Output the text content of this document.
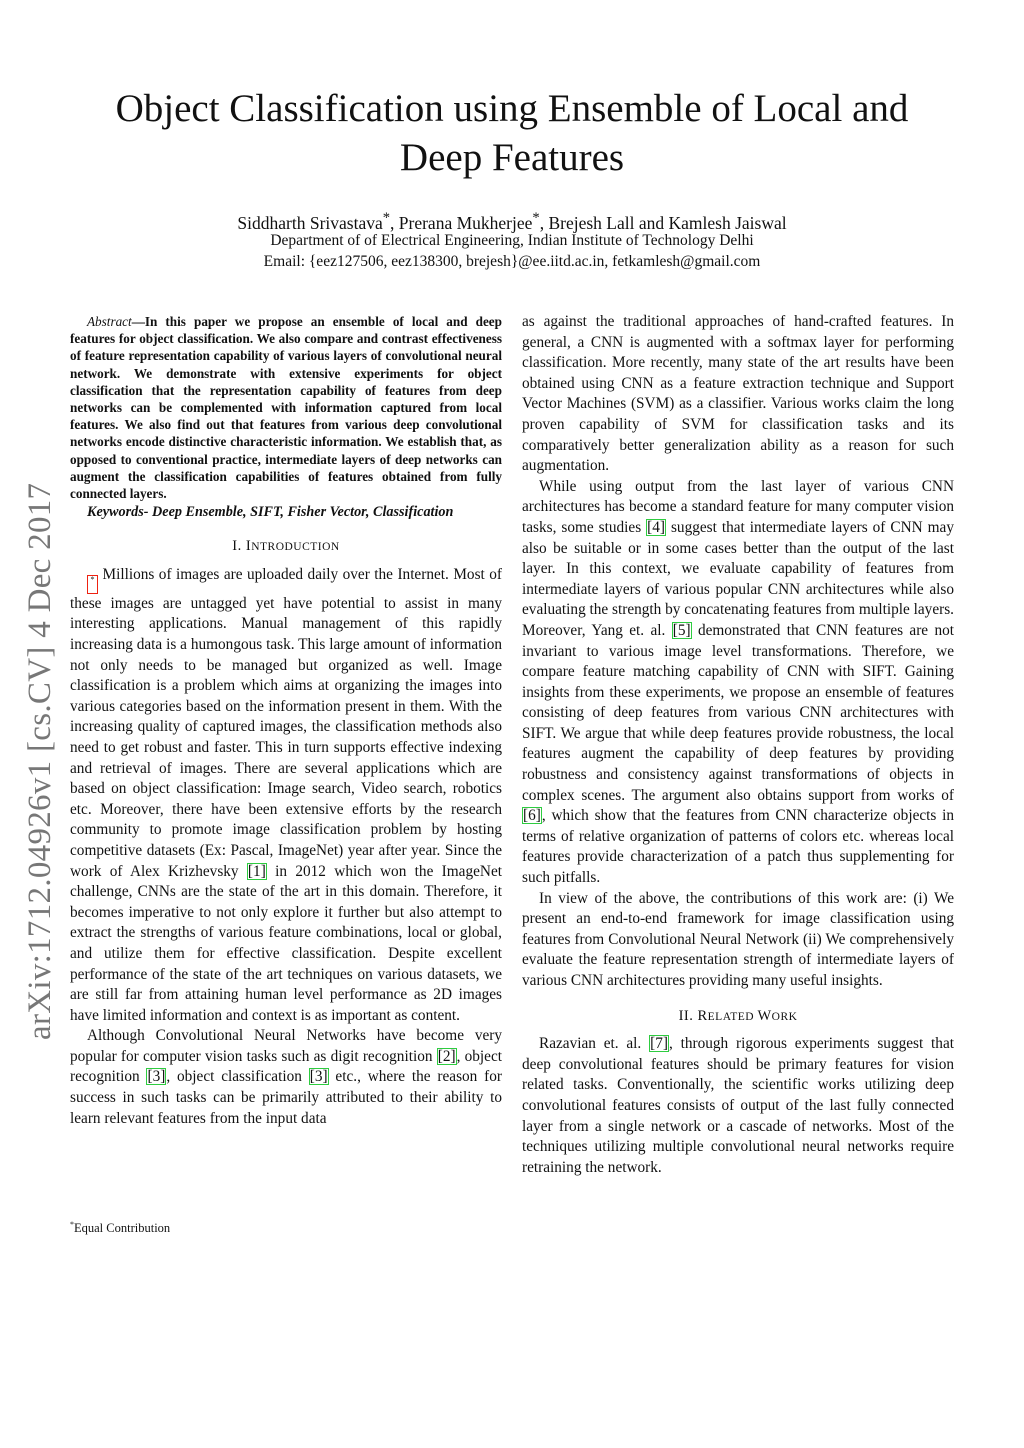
Object Classification using Ensemble of Local and
Deep Features
Siddharth Srivastava*, Prerana Mukherjee*, Brejesh Lall and Kamlesh Jaiswal
Department of of Electrical Engineering, Indian Institute of Technology Delhi
Email: {eez127506, eez138300, brejesh}@ee.iitd.ac.in, fetkamlesh@gmail.com
arXiv:1712.04926v1 [cs.CV] 4 Dec 2017

Abstract—In this paper we propose an ensemble of local and deep features for object classification. We also compare and contrast effectiveness of feature representation capability of various layers of convolutional neural network. We demonstrate with extensive experiments for object classification that the representation capability of features from deep networks can be complemented with information captured from local features. We also find out that features from various deep convolutional networks encode distinctive characteristic information. We establish that, as opposed to conventional practice, intermediate layers of deep networks can augment the classification capabilities of features obtained from fully connected layers.

Keywords- Deep Ensemble, SIFT, Fisher Vector, Classification

I. INTRODUCTION

* Millions of images are uploaded daily over the Internet. Most of these images are untagged yet have potential to assist in many interesting applications. Manual management of this rapidly increasing data is a humongous task. This large amount of information not only needs to be managed but organized as well. Image classification is a problem which aims at organizing the images into various categories based on the information present in them. With the increasing quality of captured images, the classification methods also need to get robust and faster. This in turn supports effective indexing and retrieval of images. There are several applications which are based on object classification: Image search, Video search, robotics etc. Moreover, there have been extensive efforts by the research community to promote image classification problem by hosting competitive datasets (Ex: Pascal, ImageNet) year after year. Since the work of Alex Krizhevsky [1] in 2012 which won the ImageNet challenge, CNNs are the state of the art in this domain. Therefore, it becomes imperative to not only explore it further but also attempt to extract the strengths of various feature combinations, local or global, and utilize them for effective classification. Despite excellent performance of the state of the art techniques on various datasets, we are still far from attaining human level performance as 2D images have limited information and context is as important as content.

Although Convolutional Neural Networks have become very popular for computer vision tasks such as digit recognition [2], object recognition [3], object classification [3] etc., where the reason for success in such tasks can be primarily attributed to their ability to learn relevant features from the input data

as against the traditional approaches of hand-crafted features. In general, a CNN is augmented with a softmax layer for performing classification. More recently, many state of the art results have been obtained using CNN as a feature extraction technique and Support Vector Machines (SVM) as a classifier. Various works claim the long proven capability of SVM for classification tasks and its comparatively better generalization ability as a reason for such augmentation.

While using output from the last layer of various CNN architectures has become a standard feature for many computer vision tasks, some studies [4] suggest that intermediate layers of CNN may also be suitable or in some cases better than the output of the last layer. In this context, we evaluate capability of features from intermediate layers of various popular CNN architectures while also evaluating the strength by concatenating features from multiple layers. Moreover, Yang et. al. [5] demonstrated that CNN features are not invariant to various image level transformations. Therefore, we compare feature matching capability of CNN with SIFT. Gaining insights from these experiments, we propose an ensemble of features consisting of deep features from various CNN architectures with SIFT. We argue that while deep features provide robustness, the local features augment the capability of deep features by providing robustness and consistency against transformations of objects in complex scenes. The argument also obtains support from works of [6], which show that the features from CNN characterize objects in terms of relative organization of patterns of colors etc. whereas local features provide characterization of a patch thus supplementing for such pitfalls.

In view of the above, the contributions of this work are: (i) We present an end-to-end framework for image classification using features from Convolutional Neural Network (ii) We comprehensively evaluate the feature representation strength of intermediate layers of various CNN architectures providing many useful insights.

II. RELATED WORK

Razavian et. al. [7], through rigorous experiments suggest that deep convolutional features should be primary features for vision related tasks. Conventionally, the scientific works utilizing deep convolutional features consists of output of the last fully connected layer from a single network or a cascade of networks. Most of the techniques utilizing multiple convolutional neural networks require retraining the network.

*Equal Contribution
